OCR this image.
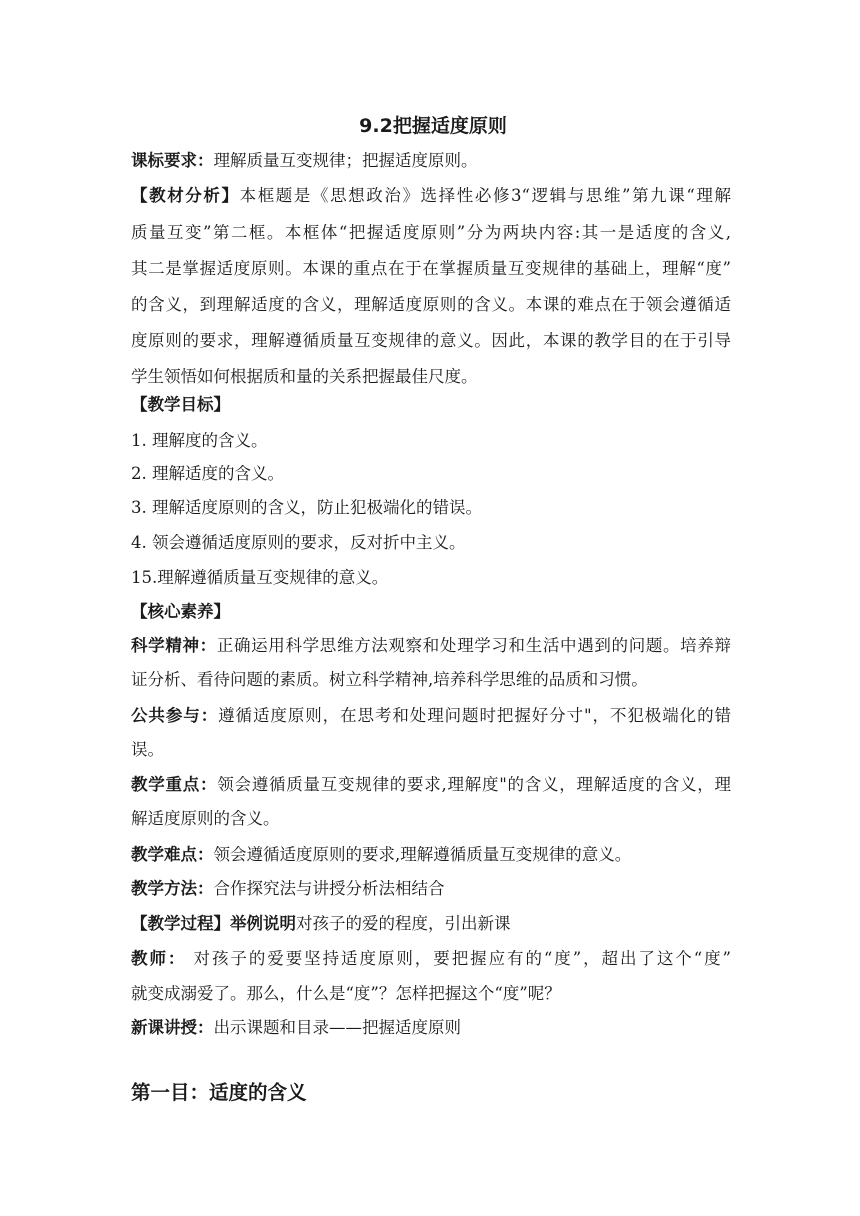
9.2把握适度原则
课标要求：理解质量互变规律；把握适度原则。
【教材分析】本框题是《思想政治》选择性必修3“逻辑与思维”第九课“理解
质量互变”第二框。本框体“把握适度原则”分为两块内容:其一是适度的含义,
其二是掌握适度原则。本课的重点在于在掌握质量互变规律的基础上，理解“度”
的含义，到理解适度的含义，理解适度原则的含义。本课的难点在于领会遵循适
度原则的要求，理解遵循质量互变规律的意义。因此，本课的教学目的在于引导
学生领悟如何根据质和量的关系把握最佳尺度。
【教学目标】
1. 理解度的含义。
2. 理解适度的含义。
3. 理解适度原则的含义，防止犯极端化的错误。
4. 领会遵循适度原则的要求，反对折中主义。
15.理解遵循质量互变规律的意义。
【核心素养】
科学精神：正确运用科学思维方法观察和处理学习和生活中遇到的问题。培养辩
证分析、看待问题的素质。树立科学精神,培养科学思维的品质和习惯。
公共参与：遵循适度原则，在思考和处理问题时把握好分寸"，不犯极端化的错
误。
教学重点：领会遵循质量互变规律的要求,理解度"的含义，理解适度的含义，理
解适度原则的含义。
教学难点：领会遵循适度原则的要求,理解遵循质量互变规律的意义。
教学方法：合作探究法与讲授分析法相结合
【教学过程】举例说明对孩子的爱的程度，引出新课
教师： 对孩子的爱要坚持适度原则，要把握应有的“度”，超出了这个“度”
就变成溺爱了。那么，什么是“度”？怎样把握这个“度”呢？
新课讲授：出示课题和目录——把握适度原则
第一目：适度的含义
